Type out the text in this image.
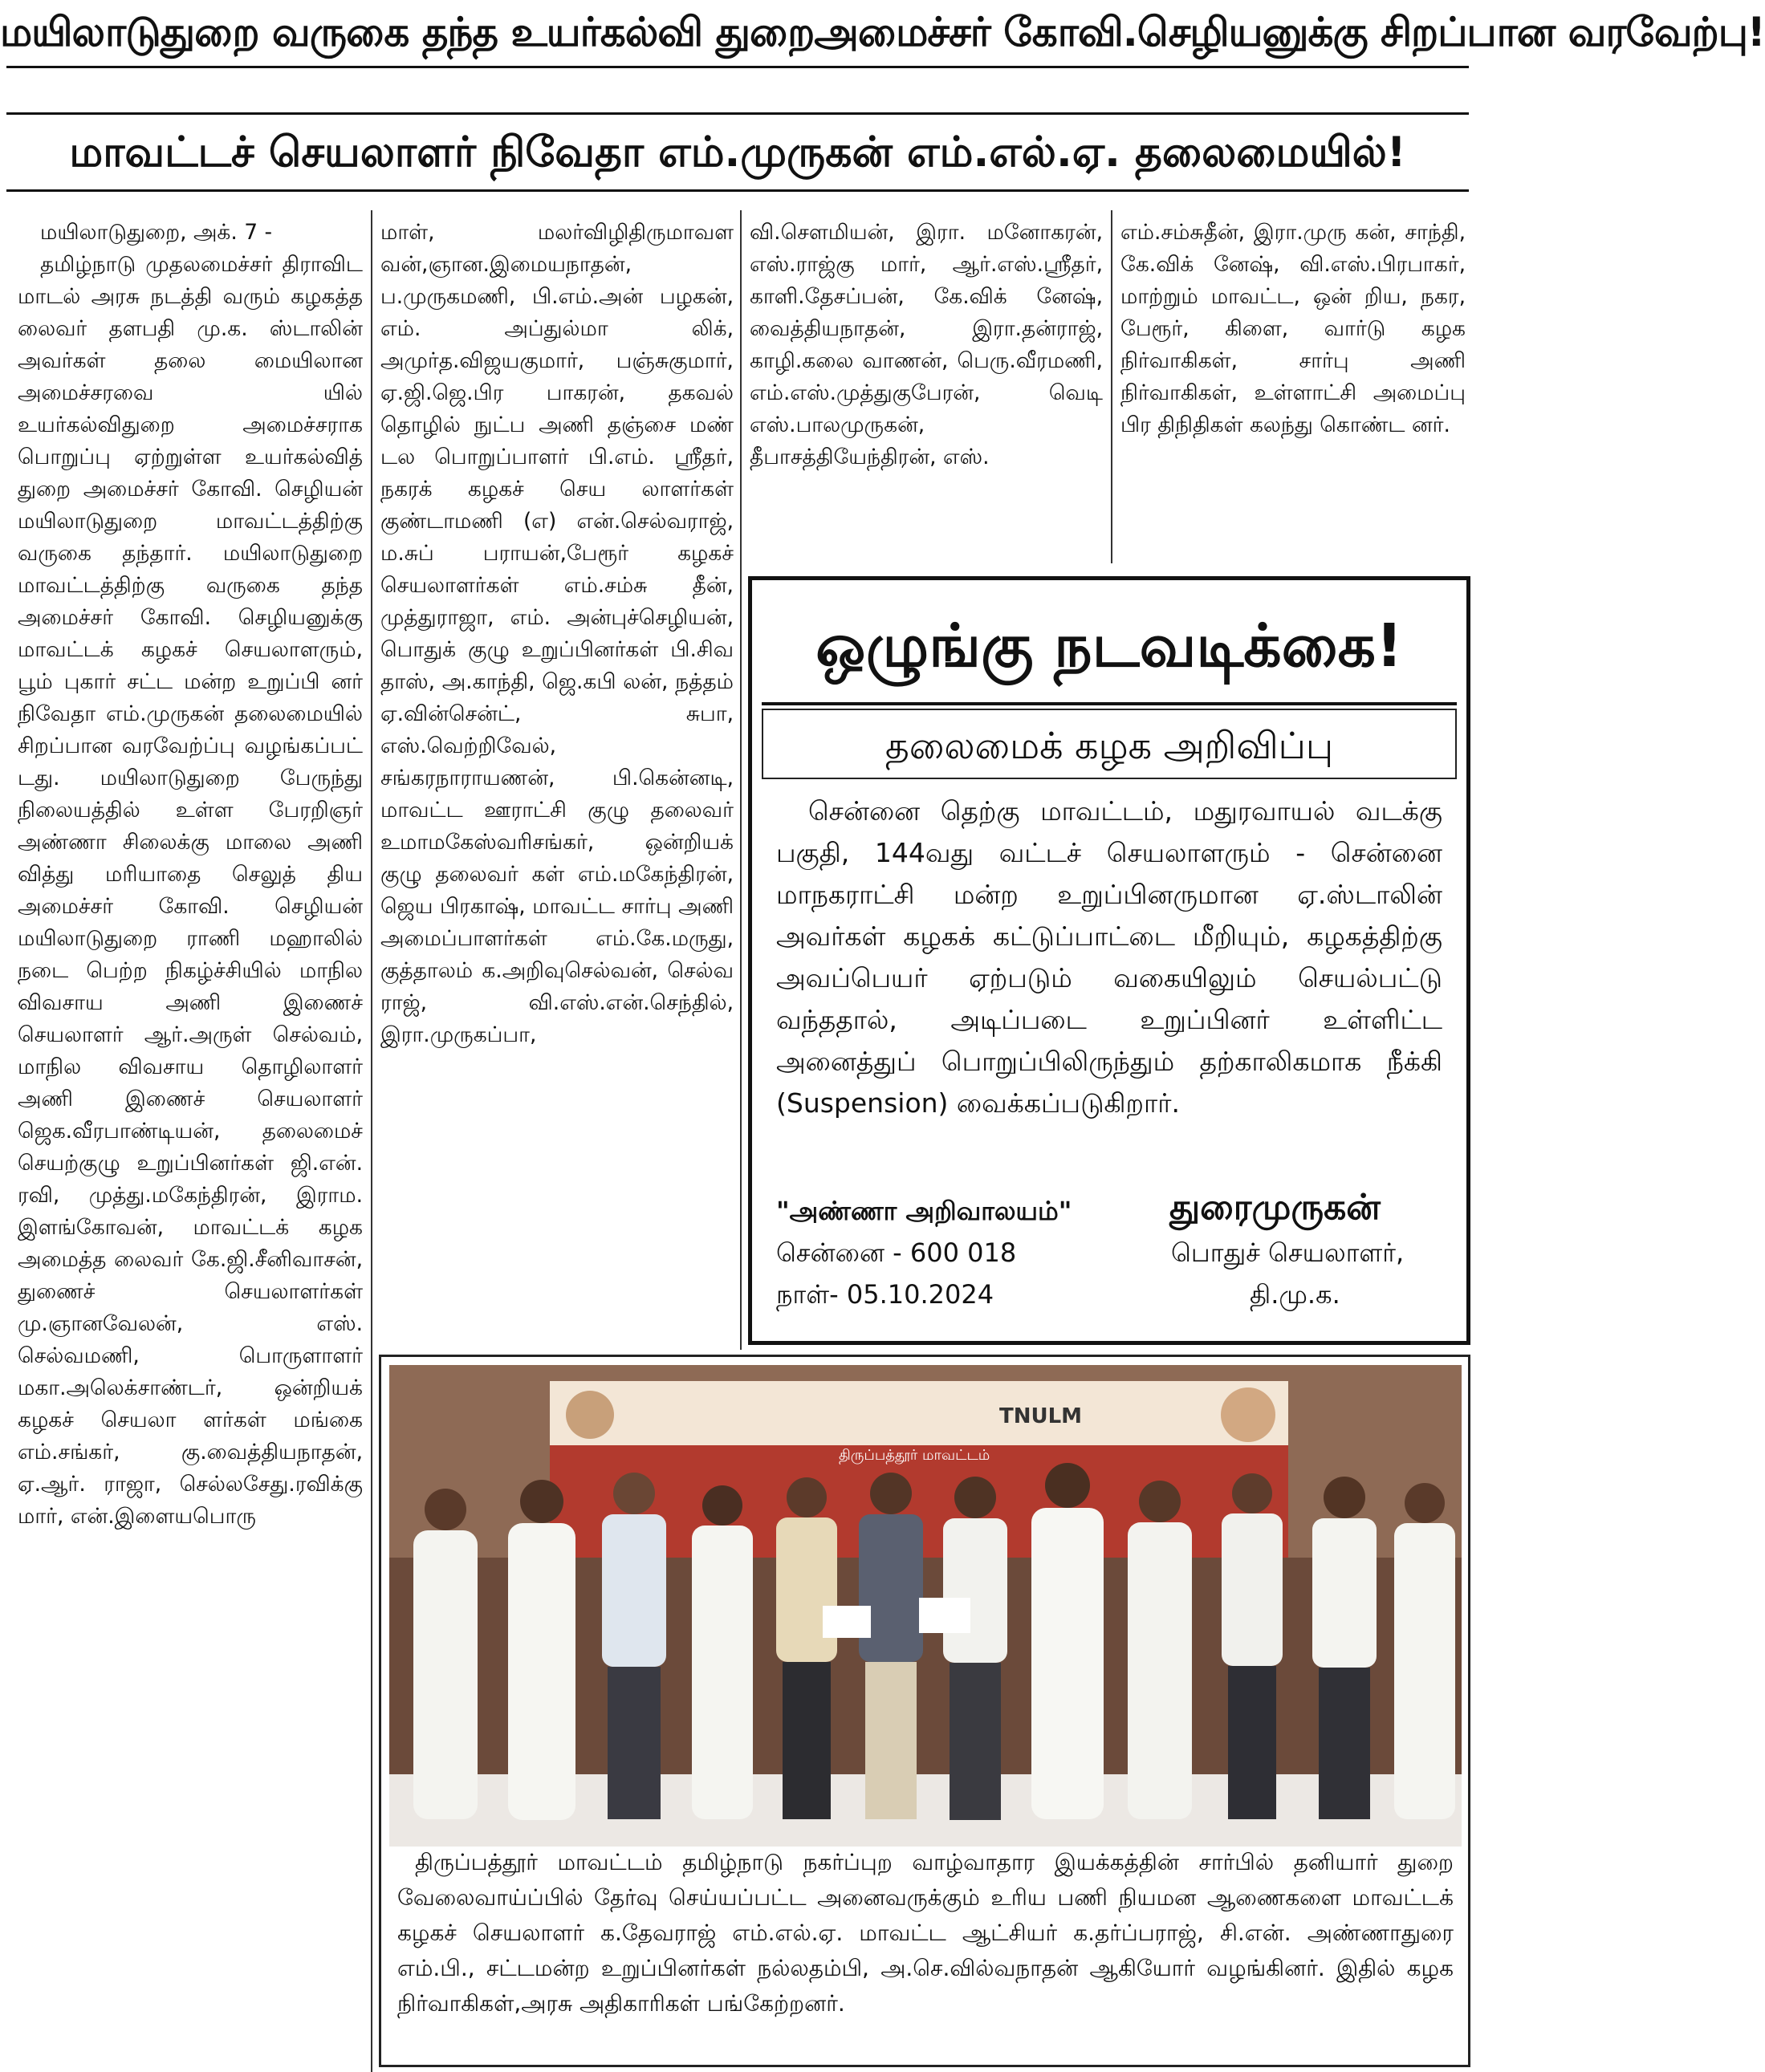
மயிலாடுதுறை வருகை தந்த உயர்கல்வி துறைஅமைச்சர் கோவி.செழியனுக்கு சிறப்பான வரவேற்பு!
மாவட்டச் செயலாளர் நிவேதா எம்.முருகன் எம்.எல்.ஏ. தலைமையில்!

மயிலாடுதுறை, அக். 7 -

தமிழ்நாடு முதலமைச்சர் திராவிட மாடல் அரசு நடத்தி வரும் கழகத்த லைவர் தளபதி மு.க. ஸ்டாலின் அவர்கள் தலை மையிலான அமைச்சரவை யில் உயர்கல்விதுறை அமைச்சராக பொறுப்பு ஏற்றுள்ள உயர்கல்வித் துறை அமைச்சர் கோவி. செழியன் மயிலாடுதுறை மாவட்டத்திற்கு வருகை தந்தார். மயிலாடுதுறை மாவட்டத்திற்கு வருகை தந்த அமைச்சர் கோவி. செழியனுக்கு மாவட்டக் கழகச் செயலாளரும், பூம் புகார் சட்ட மன்ற உறுப்பி னர் நிவேதா எம்.முருகன் தலைமையில் சிறப்பான வரவேற்ப்பு வழங்கப்பட் டது. மயிலாடுதுறை பேருந்து நிலையத்தில் உள்ள பேரறிஞர் அண்ணா சிலைக்கு மாலை அணி வித்து மரியாதை செலுத் திய அமைச்சர் கோவி. செழியன் மயிலாடுதுறை ராணி மஹாலில் நடை பெற்ற நிகழ்ச்சியில் மாநில விவசாய அணி இணைச் செயலாளர் ஆர்.அருள் செல்வம், மாநில விவசாய தொழிலாளர் அணி இணைச் செயலாளர் ஜெக.வீரபாண்டியன், தலைமைச் செயற்குழு உறுப்பினர்கள் ஜி.என். ரவி, முத்து.மகேந்திரன், இராம. இளங்கோவன், மாவட்டக் கழக அமைத்த லைவர் கே.ஜி.சீனிவாசன், துணைச் செயலாளர்கள் மு.ஞானவேலன், எஸ். செல்வமணி, பொருளாளர் மகா.அலெக்சாண்டர், ஒன்றியக் கழகச் செயலா ளர்கள் மங்கை எம்.சங்கர், கு.வைத்தியநாதன், ஏ.ஆர். ராஜா, செல்லசேது.ரவிக்கு மார், என்.இளையபொரு

மாள், மலர்விழிதிருமாவள வன்,ஞான.இமையநாதன், ப.முருகமணி, பி.எம்.அன் பழகன், எம். அப்துல்மா லிக், அமுர்த.விஜயகுமார், பஞ்சுகுமார், ஏ.ஜி.ஜெ.பிர பாகரன், தகவல் தொழில் நுட்ப அணி தஞ்சை மண் டல பொறுப்பாளர் பி.எம். ஸ்ரீதர், நகரக் கழகச் செய லாளர்கள் குண்டாமணி (எ) என்.செல்வராஜ், ம.சுப் பராயன்,பேரூர் கழகச் செயலாளர்கள் எம்.சம்சு தீன், முத்துராஜா, எம். அன்புச்செழியன், பொதுக் குழு உறுப்பினர்கள் பி.சிவ தாஸ், அ.காந்தி, ஜெ.கபி லன், நத்தம் ஏ.வின்சென்ட், சுபா, எஸ்.வெற்றிவேல், சங்கரநாராயணன், பி.கென்னடி, மாவட்ட ஊராட்சி குழு தலைவர் உமாமகேஸ்வரிசங்கர், ஒன்றியக் குழு தலைவர் கள் எம்.மகேந்திரன், ஜெய பிரகாஷ், மாவட்ட சார்பு அணி அமைப்பாளர்கள் எம்.கே.மருது, குத்தாலம் க.அறிவுசெல்வன், செல்வ ராஜ், வி.எஸ்.என்.செந்தில், இரா.முருகப்பா,

வி.சௌமியன், இரா. மனோகரன், எஸ்.ராஜ்கு மார், ஆர்.எஸ்.ஸ்ரீதர், காளி.தேசப்பன், கே.விக் னேஷ், வைத்தியநாதன், இரா.தன்ராஜ், காழி.கலை வாணன், பெரு.வீரமணி, எம்.எஸ்.முத்துகுபேரன், வெடி எஸ்.பாலமுருகன், தீபாசத்தியேந்திரன், எஸ்.

எம்.சம்சுதீன், இரா.முரு கன், சாந்தி, கே.விக் னேஷ், வி.எஸ்.பிரபாகர், மாற்றும் மாவட்ட, ஒன் றிய, நகர, பேரூர், கிளை, வார்டு கழக நிர்வாகிகள், சார்பு அணி நிர்வாகிகள், உள்ளாட்சி அமைப்பு பிர திநிதிகள் கலந்து கொண்ட னர்.

ஒழுங்கு நடவடிக்கை!
தலைமைக் கழக அறிவிப்பு
சென்னை தெற்கு மாவட்டம், மதுரவாயல் வடக்கு பகுதி, 144வது வட்டச் செயலாளரும் - சென்னை மாநகராட்சி மன்ற உறுப்பினருமான ஏ.ஸ்டாலின் அவர்கள் கழகக் கட்டுப்பாட்டை மீறியும், கழகத்திற்கு அவப்பெயர் ஏற்படும் வகையிலும் செயல்பட்டு வந்ததால், அடிப்படை உறுப்பினர் உள்ளிட்ட அனைத்துப் பொறுப்பிலிருந்தும் தற்காலிகமாக நீக்கி (Suspension) வைக்கப்படுகிறார்.
"அண்ணா அறிவாலயம்"
சென்னை - 600 018
நாள்- 05.10.2024
துரைமுருகன்
பொதுச் செயலாளர்,
தி.மு.க.
TNULM
திருப்பத்தூர் மாவட்டம்
திருப்பத்தூர் மாவட்டம் தமிழ்நாடு நகர்ப்புற வாழ்வாதார இயக்கத்தின் சார்பில் தனியார் துறை வேலைவாய்ப்பில் தேர்வு செய்யப்பட்ட அனைவருக்கும் உரிய பணி நியமன ஆணைகளை மாவட்டக் கழகச் செயலாளர் க.தேவராஜ் எம்.எல்.ஏ. மாவட்ட ஆட்சியர் க.தர்ப்பராஜ், சி.என். அண்ணாதுரை எம்.பி., சட்டமன்ற உறுப்பினர்கள் நல்லதம்பி, அ.செ.வில்வநாதன் ஆகியோர் வழங்கினர். இதில் கழக நிர்வாகிகள்,அரசு அதிகாரிகள் பங்கேற்றனர்.
